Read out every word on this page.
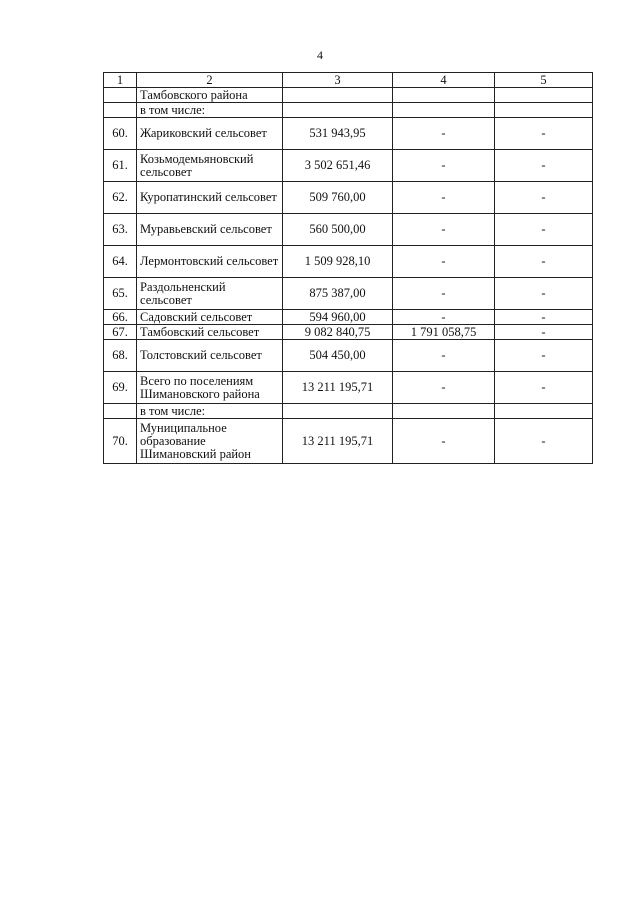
4
1	2	3	4	5
	Тамбовского района			
	в том числе:			
60.	Жариковский сельсовет	531 943,95	-	-
61.	Козьмодемьяновский сельсовет	3 502 651,46	-	-
62.	Куропатинский сельсовет	509 760,00	-	-
63.	Муравьевский сельсовет	560 500,00	-	-
64.	Лермонтовский сельсовет	1 509 928,10	-	-
65.	Раздольненский сельсовет	875 387,00	-	-
66.	Садовский сельсовет	594 960,00	-	-
67.	Тамбовский сельсовет	9 082 840,75	1 791 058,75	-
68.	Толстовский сельсовет	504 450,00	-	-
69.	Всего по поселениям Шимановского района	13 211 195,71	-	-
	в том числе:			
70.	Муниципальное образование Шимановский район	13 211 195,71	-	-
